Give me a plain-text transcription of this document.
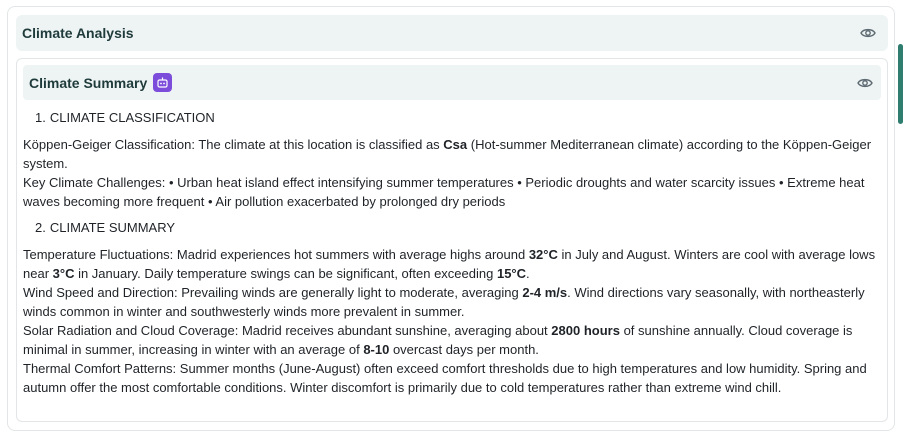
Climate Analysis
Climate Summary
1. CLIMATE CLASSIFICATION

Köppen-Geiger Classification: The climate at this location is classified as Csa (Hot-summer Mediterranean climate) according to the Köppen-Geiger system.

Key Climate Challenges: • Urban heat island effect intensifying summer temperatures • Periodic droughts and water scarcity issues • Extreme heat waves becoming more frequent • Air pollution exacerbated by prolonged dry periods

2. CLIMATE SUMMARY

Temperature Fluctuations: Madrid experiences hot summers with average highs around 32°C in July and August. Winters are cool with average lows near 3°C in January. Daily temperature swings can be significant, often exceeding 15°C.

Wind Speed and Direction: Prevailing winds are generally light to moderate, averaging 2-4 m/s. Wind directions vary seasonally, with northeasterly winds common in winter and southwesterly winds more prevalent in summer.

Solar Radiation and Cloud Coverage: Madrid receives abundant sunshine, averaging about 2800 hours of sunshine annually. Cloud coverage is minimal in summer, increasing in winter with an average of 8-10 overcast days per month.

Thermal Comfort Patterns: Summer months (June-August) often exceed comfort thresholds due to high temperatures and low humidity. Spring and autumn offer the most comfortable conditions. Winter discomfort is primarily due to cold temperatures rather than extreme wind chill.
